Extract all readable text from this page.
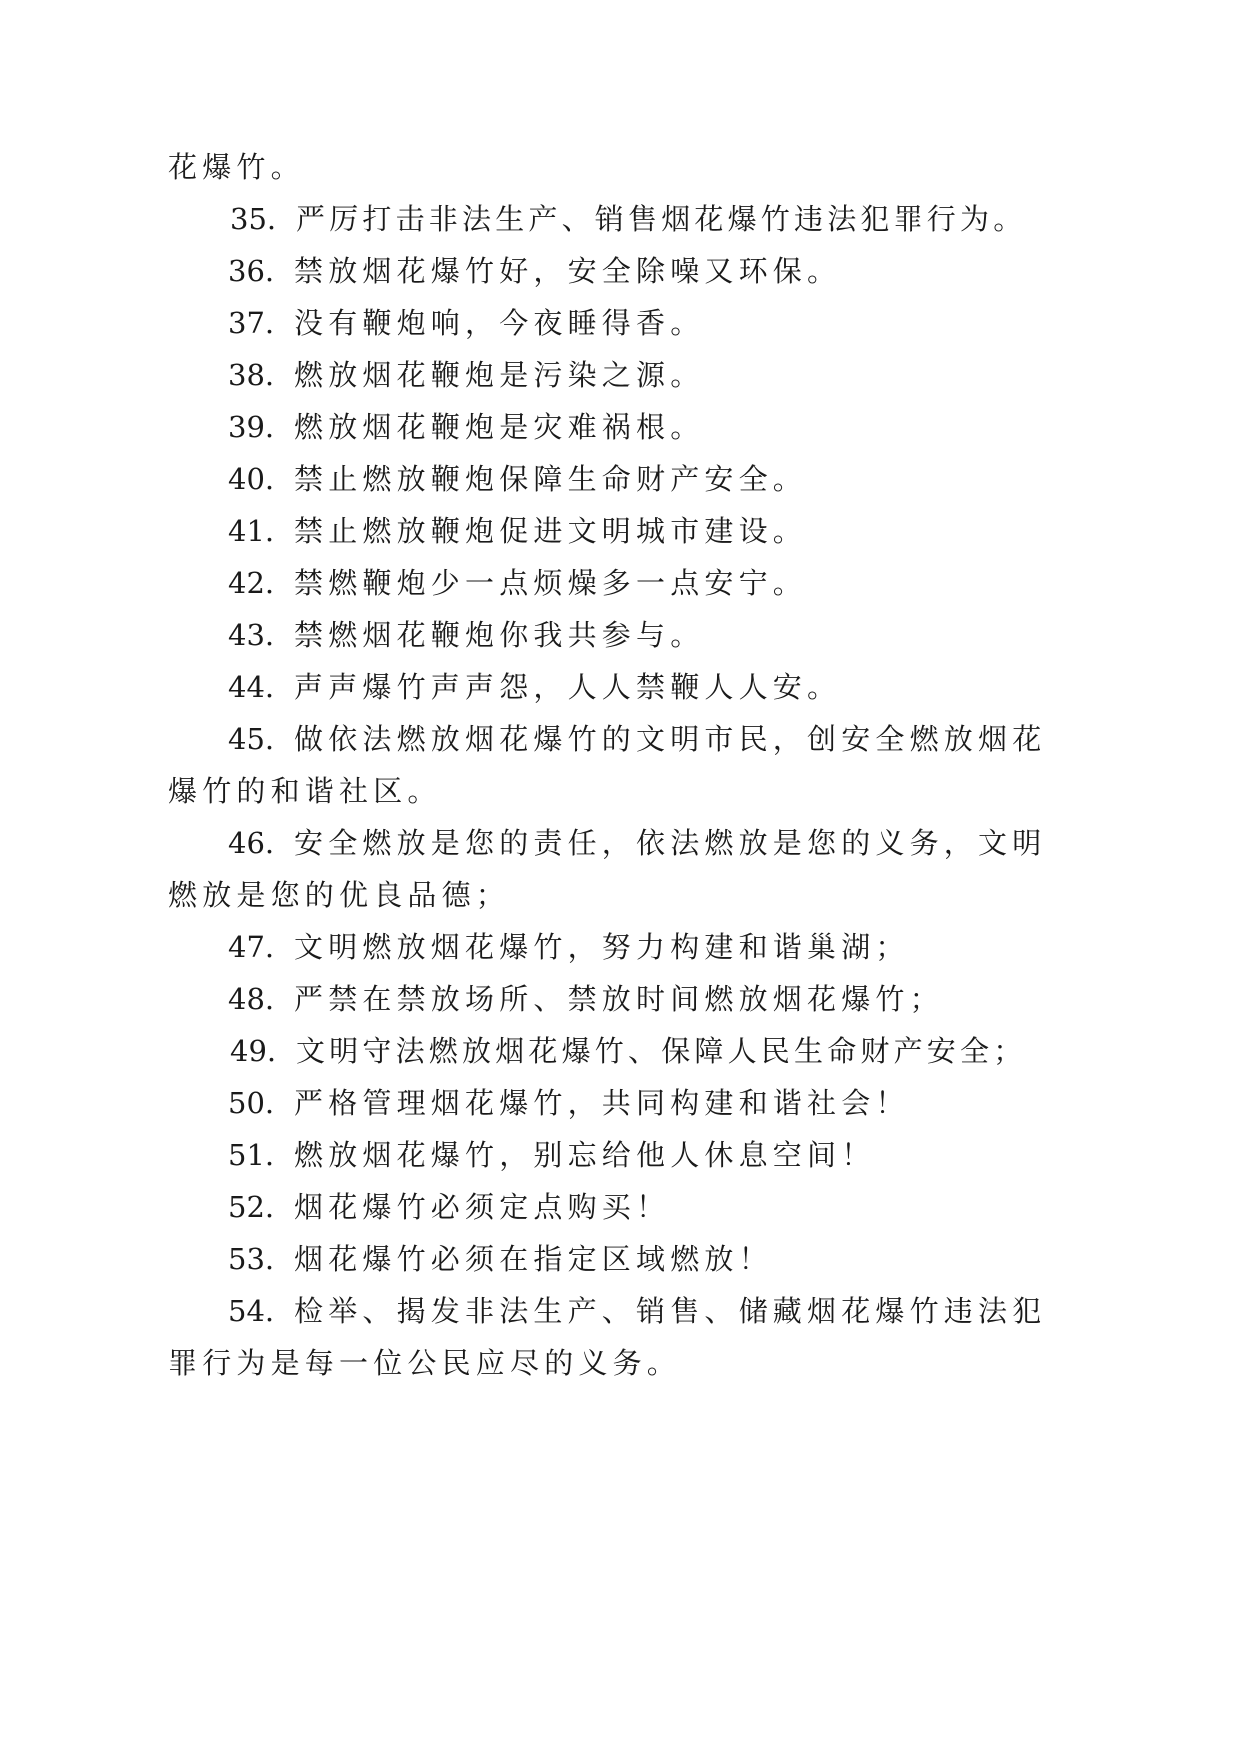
花爆竹。
35. 严厉打击非法生产、销售烟花爆竹违法犯罪行为。
36. 禁放烟花爆竹好，安全除噪又环保。
37. 没有鞭炮响，今夜睡得香。
38. 燃放烟花鞭炮是污染之源。
39. 燃放烟花鞭炮是灾难祸根。
40. 禁止燃放鞭炮保障生命财产安全。
41. 禁止燃放鞭炮促进文明城市建设。
42. 禁燃鞭炮少一点烦燥多一点安宁。
43. 禁燃烟花鞭炮你我共参与。
44. 声声爆竹声声怨，人人禁鞭人人安。
45. 做依法燃放烟花爆竹的文明市民，创安全燃放烟花
爆竹的和谐社区。
46. 安全燃放是您的责任，依法燃放是您的义务，文明
燃放是您的优良品德；
47. 文明燃放烟花爆竹，努力构建和谐巢湖；
48. 严禁在禁放场所、禁放时间燃放烟花爆竹；
49. 文明守法燃放烟花爆竹、保障人民生命财产安全；
50. 严格管理烟花爆竹，共同构建和谐社会！
51. 燃放烟花爆竹，别忘给他人休息空间！
52. 烟花爆竹必须定点购买！
53. 烟花爆竹必须在指定区域燃放！
54. 检举、揭发非法生产、销售、储藏烟花爆竹违法犯
罪行为是每一位公民应尽的义务。
